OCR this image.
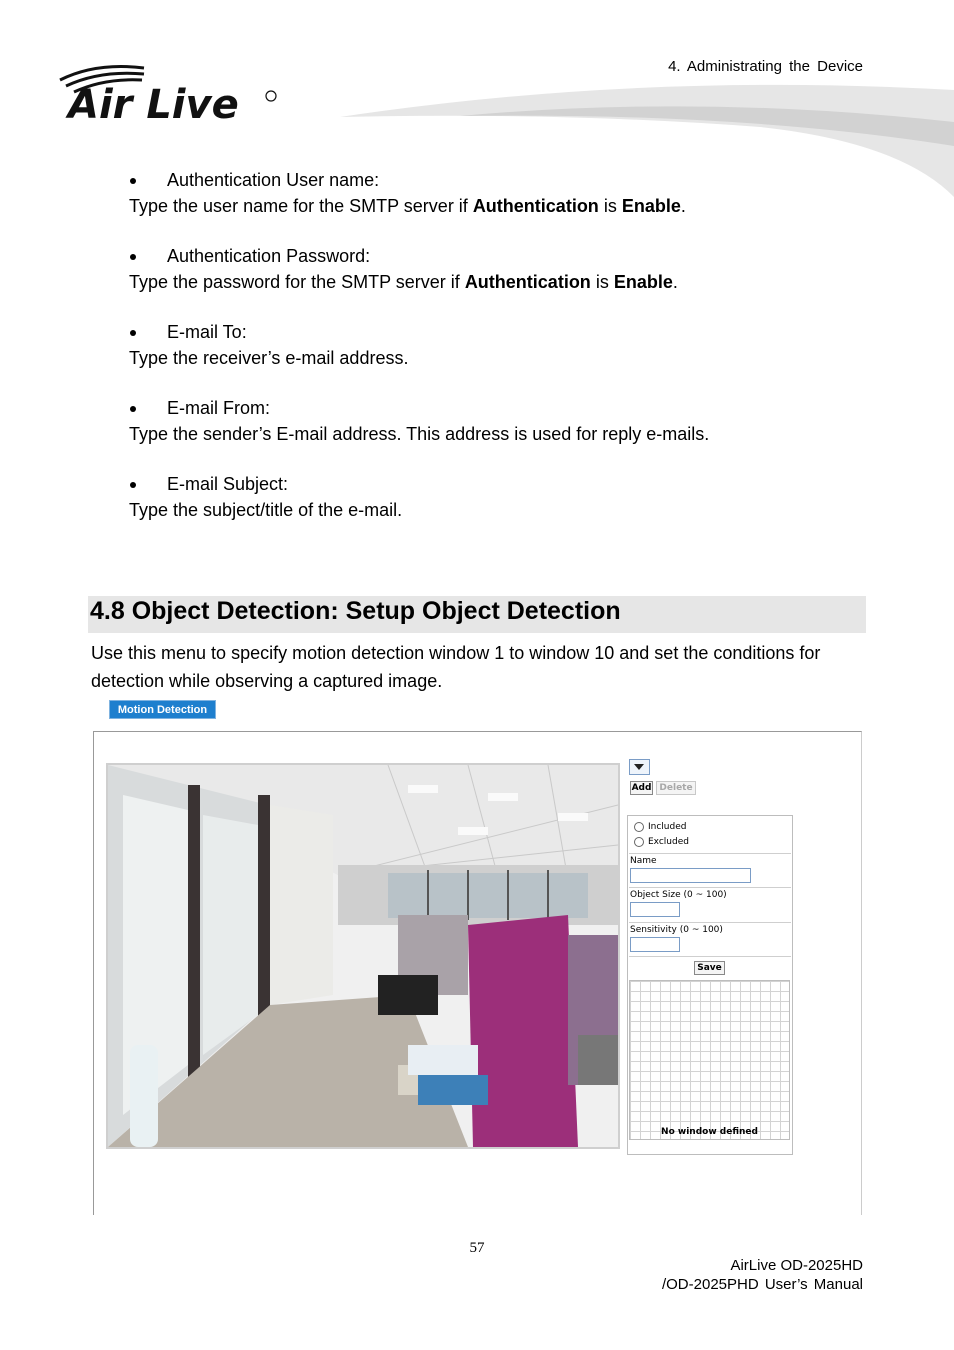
4. Administrating the Device
Air Live
Authentication User name:
Type the user name for the SMTP server if Authentication is Enable.
Authentication Password:
Type the password for the SMTP server if Authentication is Enable.
E-mail To:
Type the receiver’s e-mail address.
E-mail From:
Type the sender’s E-mail address. This address is used for reply e-mails.
E-mail Subject:
Type the subject/title of the e-mail.
4.8 Object Detection: Setup Object Detection
Use this menu to specify motion detection window 1 to window 10 and set the conditions for detection while observing a captured image.
Motion Detection
Add Delete
Included
Excluded
Name
Object Size (0 ~ 100)
Sensitivity (0 ~ 100)
Save
No window defined
57
AirLive OD-2025HD
/OD-2025PHD User’s Manual
